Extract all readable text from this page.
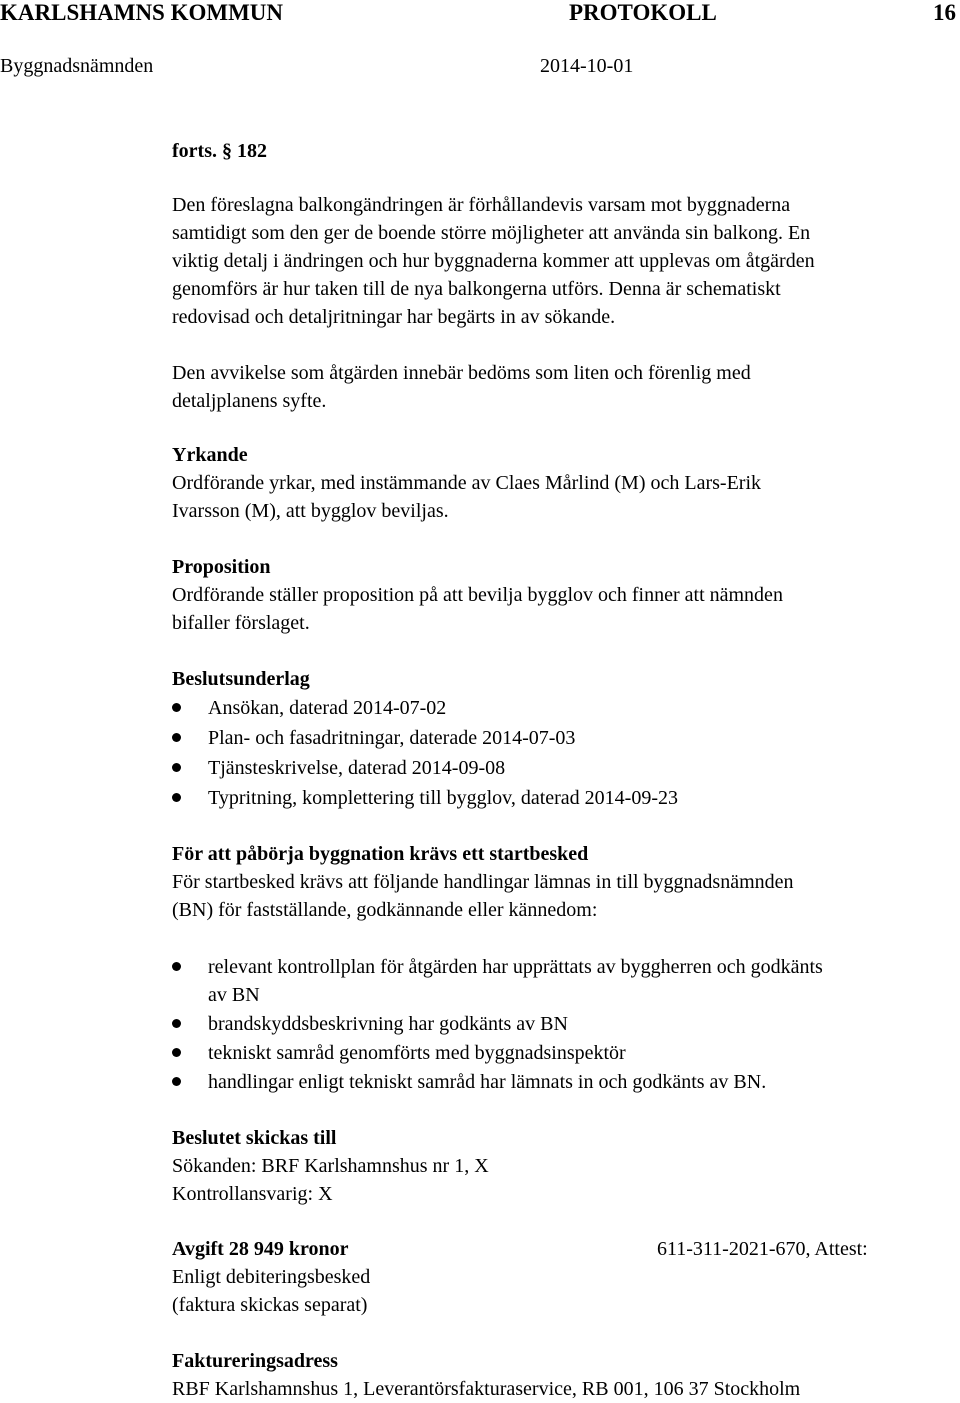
KARLSHAMNS KOMMUN	PROTOKOLL	16
Byggnadsnämnden	2014-10-01
forts. § 182
Den föreslagna balkongändringen är förhållandevis varsam mot byggnaderna
samtidigt som den ger de boende större möjligheter att använda sin balkong. En
viktig detalj i ändringen och hur byggnaderna kommer att upplevas om åtgärden
genomförs är hur taken till de nya balkongerna utförs. Denna är schematiskt
redovisad och detaljritningar har begärts in av sökande.
Den avvikelse som åtgärden innebär bedöms som liten och förenlig med
detaljplanens syfte.
Yrkande
Ordförande yrkar, med instämmande av Claes Mårlind (M) och Lars-Erik
Ivarsson (M), att bygglov beviljas.
Proposition
Ordförande ställer proposition på att bevilja bygglov och finner att nämnden
bifaller förslaget.
Beslutsunderlag
Ansökan, daterad 2014-07-02
Plan- och fasadritningar, daterade 2014-07-03
Tjänsteskrivelse, daterad 2014-09-08
Typritning, komplettering till bygglov, daterad 2014-09-23
För att påbörja byggnation krävs ett startbesked
För startbesked krävs att följande handlingar lämnas in till byggnadsnämnden
(BN) för fastställande, godkännande eller kännedom:
relevant kontrollplan för åtgärden har upprättats av byggherren och godkänts
av BN
brandskyddsbeskrivning har godkänts av BN
tekniskt samråd genomförts med byggnadsinspektör
handlingar enligt tekniskt samråd har lämnats in och godkänts av BN.
Beslutet skickas till
Sökanden: BRF Karlshamnshus nr 1, X
Kontrollansvarig: X
Avgift 28 949 kronor
Enligt debiteringsbesked
(faktura skickas separat)
611-311-2021-670, Attest:
Faktureringsadress
RBF Karlshamnshus 1, Leverantörsfakturaservice, RB 001, 106 37 Stockholm
